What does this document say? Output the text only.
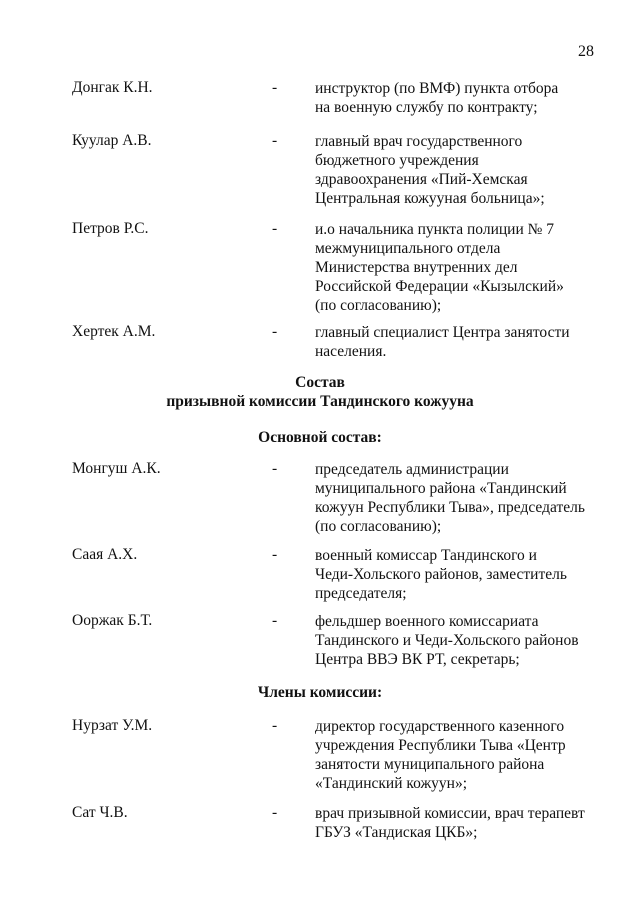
28
Донгак К.Н.	- инструктор (по ВМФ) пункта отбора
на военную службу по контракту;
Куулар А.В.	- главный врач государственного
бюджетного учреждения
здравоохранения «Пий-Хемская
Центральная кожууная больница»;
Петров Р.С.	- и.о начальника пункта полиции № 7
межмуниципального отдела
Министерства внутренних дел
Российской Федерации «Кызылский»
(по согласованию);
Хертек А.М.	- главный специалист Центра занятости
населения.
Состав
призывной комиссии Тандинского кожууна
Основной состав:
Монгуш А.К.	- председатель администрации
муниципального района «Тандинский
кожуун Республики Тыва», председатель
(по согласованию);
Саая А.Х.	- военный комиссар Тандинского и
Чеди-Хольского районов, заместитель
председателя;
Ооржак Б.Т.	- фельдшер военного комиссариата
Тандинского и Чеди-Хольского районов
Центра ВВЭ ВК РТ, секретарь;
Члены комиссии:
Нурзат У.М.	- директор государственного казенного
учреждения Республики Тыва «Центр
занятости муниципального района
«Тандинский кожуун»;
Сат Ч.В.	- врач призывной комиссии, врач терапевт
ГБУЗ «Тандиская ЦКБ»;
